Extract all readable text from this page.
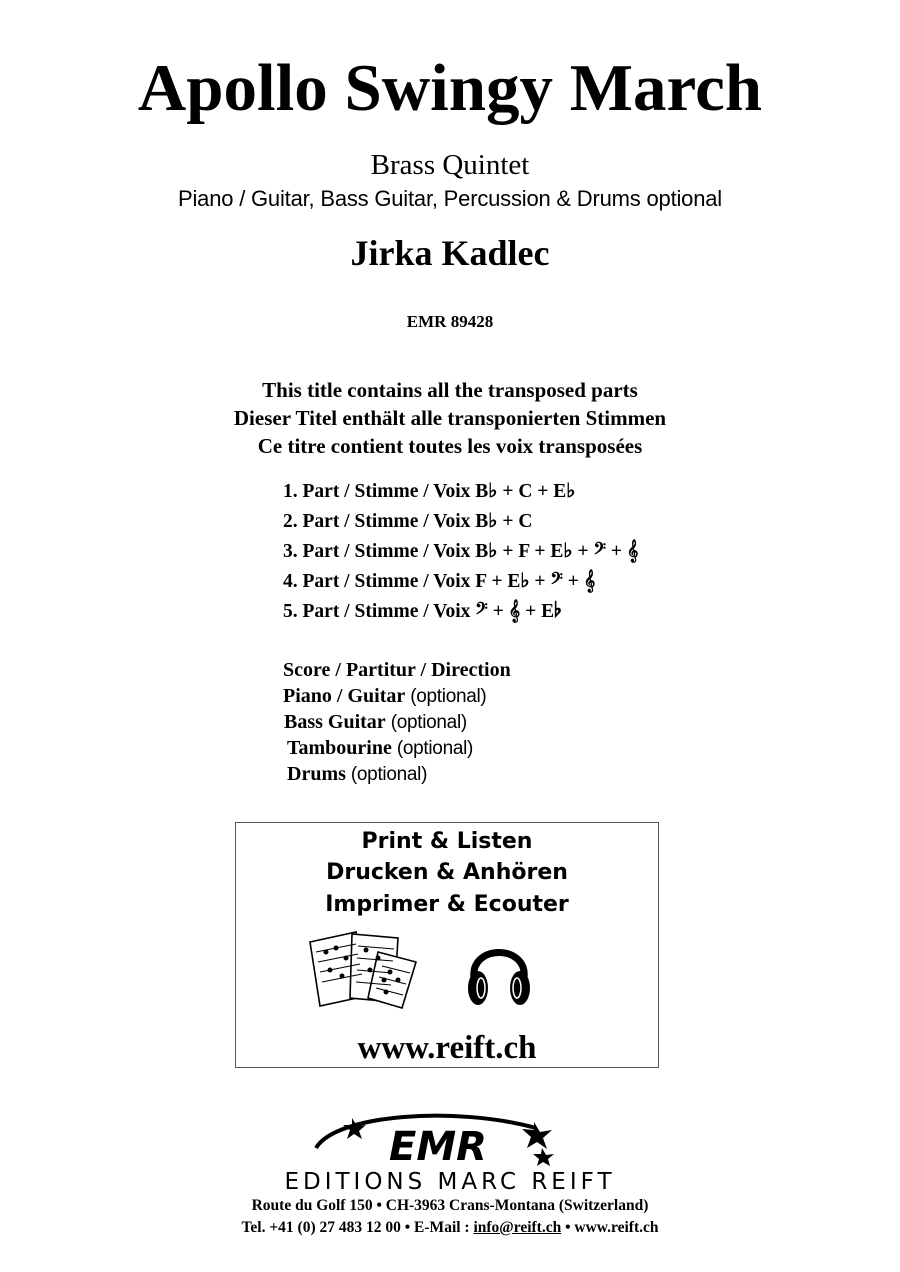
Apollo Swingy March
Brass Quintet
Piano / Guitar, Bass Guitar, Percussion & Drums optional
Jirka Kadlec
EMR 89428
This title contains all the transposed parts
Dieser Titel enthält alle transponierten Stimmen
Ce titre contient toutes les voix transposées
1. Part / Stimme / Voix B♭ + C + E♭
2. Part / Stimme / Voix B♭ + C
3. Part / Stimme / Voix B♭ + F + E♭ + 𝄢 + 𝄞
4. Part / Stimme / Voix F + E♭ + 𝄢 + 𝄞
5. Part / Stimme / Voix 𝄢 + 𝄞 + E♭
Score / Partitur / Direction
Piano / Guitar (optional)
Bass Guitar (optional)
Tambourine (optional)
Drums (optional)
Print & Listen
Drucken & Anhören
Imprimer & Ecouter
www.reift.ch
EMR
EDITIONS MARC REIFT
Route du Golf 150 • CH-3963 Crans-Montana (Switzerland)
Tel. +41 (0) 27 483 12 00 • E-Mail : info@reift.ch • www.reift.ch
